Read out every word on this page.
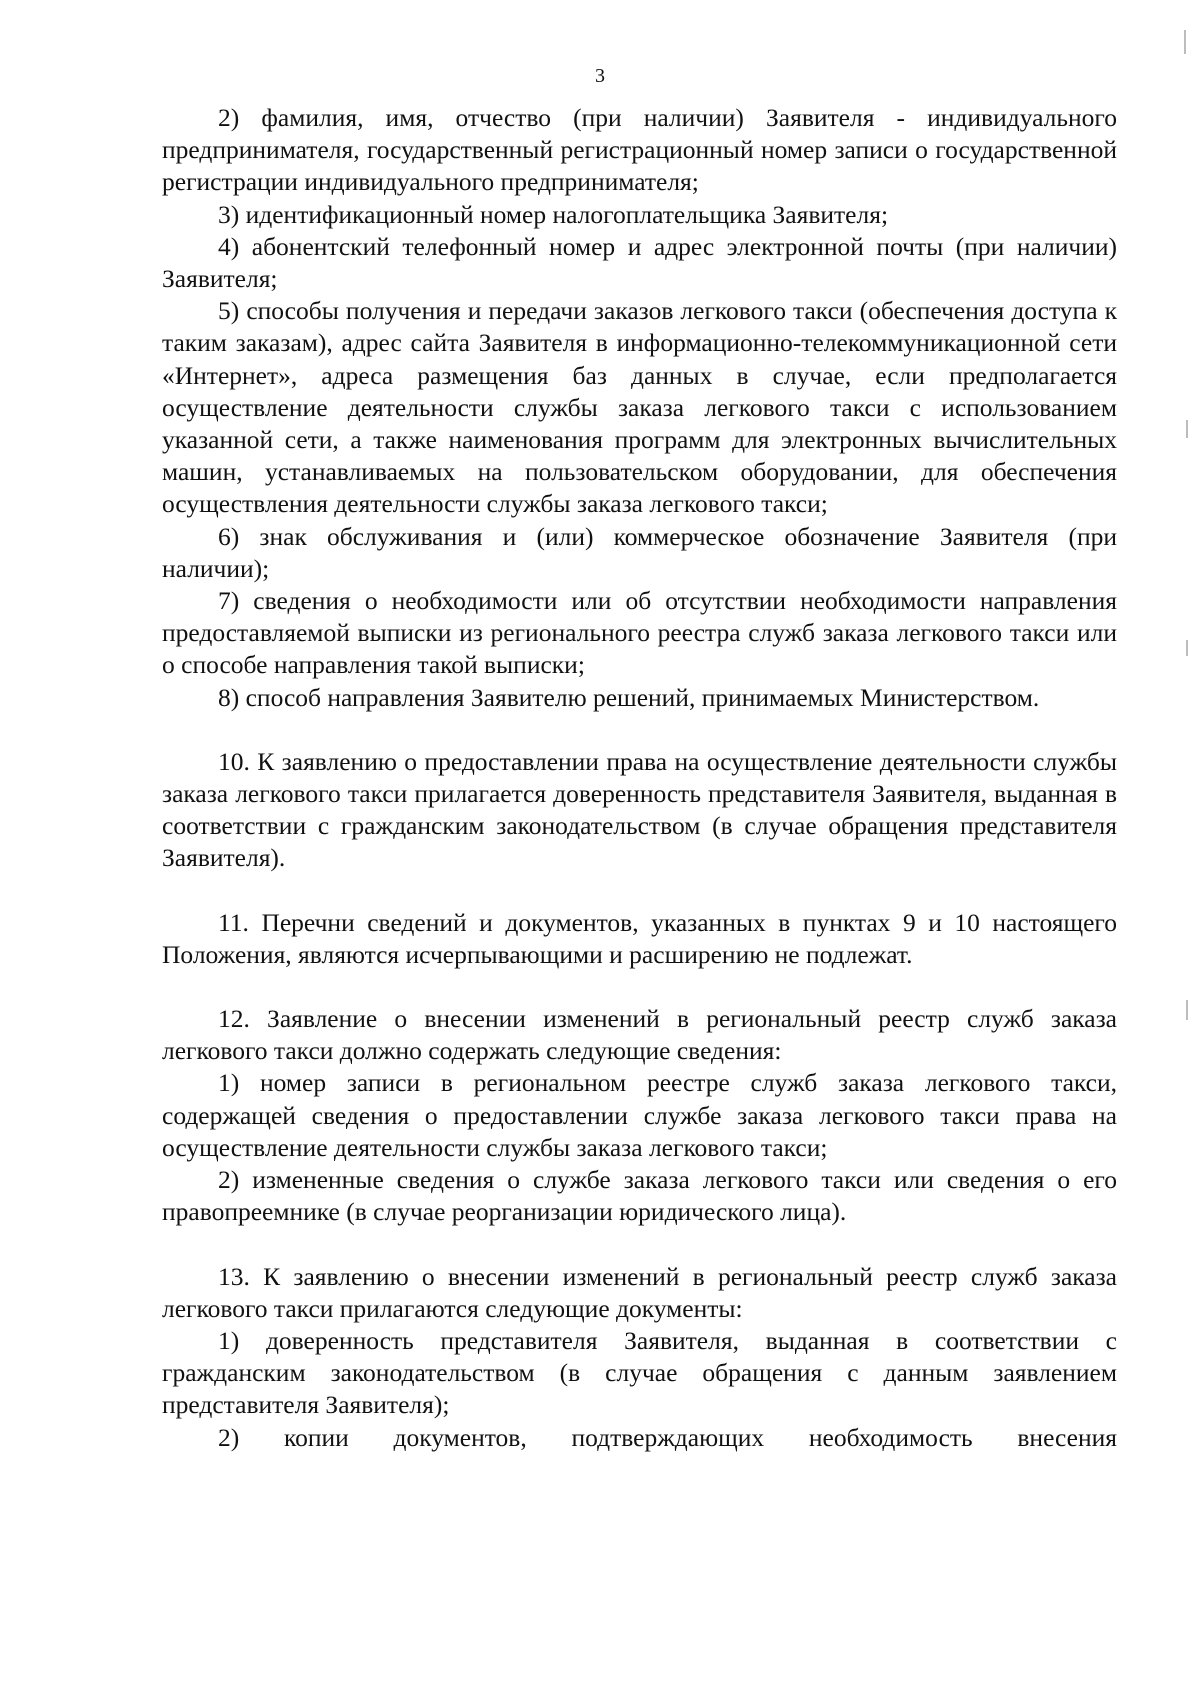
3

2) фамилия, имя, отчество (при наличии) Заявителя - индивидуального предпринимателя, государственный регистрационный номер записи о государственной регистрации индивидуального предпринимателя;

3) идентификационный номер налогоплательщика Заявителя;

4) абонентский телефонный номер и адрес электронной почты (при наличии) Заявителя;

5) способы получения и передачи заказов легкового такси (обеспечения доступа к таким заказам), адрес сайта Заявителя в информационно-телекоммуникационной сети «Интернет», адреса размещения баз данных в случае, если предполагается осуществление деятельности службы заказа легкового такси с использованием указанной сети, а также наименования программ для электронных вычислительных машин, устанавливаемых на пользовательском оборудовании, для обеспечения осуществления деятельности службы заказа легкового такси;

6) знак обслуживания и (или) коммерческое обозначение Заявителя (при наличии);

7) сведения о необходимости или об отсутствии необходимости направления предоставляемой выписки из регионального реестра служб заказа легкового такси или о способе направления такой выписки;

8) способ направления Заявителю решений, принимаемых Министерством.

10. К заявлению о предоставлении права на осуществление деятельности службы заказа легкового такси прилагается доверенность представителя Заявителя, выданная в соответствии с гражданским законодательством (в случае обращения представителя Заявителя).

11. Перечни сведений и документов, указанных в пунктах 9 и 10 настоящего Положения, являются исчерпывающими и расширению не подлежат.

12. Заявление о внесении изменений в региональный реестр служб заказа легкового такси должно содержать следующие сведения:

1) номер записи в региональном реестре служб заказа легкового такси, содержащей сведения о предоставлении службе заказа легкового такси права на осуществление деятельности службы заказа легкового такси;

2) измененные сведения о службе заказа легкового такси или сведения о его правопреемнике (в случае реорганизации юридического лица).

13. К заявлению о внесении изменений в региональный реестр служб заказа легкового такси прилагаются следующие документы:

1) доверенность представителя Заявителя, выданная в соответствии с гражданским законодательством (в случае обращения с данным заявлением представителя Заявителя);

2) копии документов, подтверждающих необходимость внесения
